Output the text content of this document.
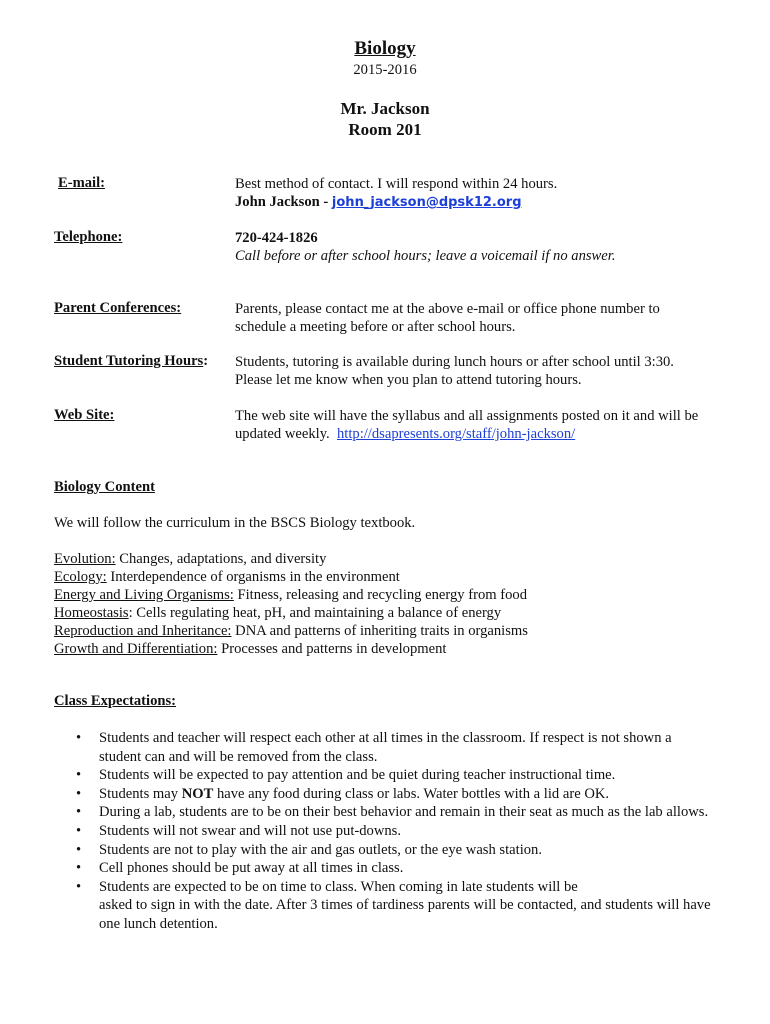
Biology
2015-2016
Mr. Jackson
Room 201
E-mail:	Best method of contact. I will respond within 24 hours.
John Jackson - john_jackson@dpsk12.org
Telephone:	720-424-1826
Call before or after school hours; leave a voicemail if no answer.
Parent Conferences:	Parents, please contact me at the above e-mail or office phone number to schedule a meeting before or after school hours.
Student Tutoring Hours: Students, tutoring is available during lunch hours or after school until 3:30.
Please let me know when you plan to attend tutoring hours.
Web Site:	The web site will have the syllabus and all assignments posted on it and will be
updated weekly.  http://dsapresents.org/staff/john-jackson/
Biology Content
We will follow the curriculum in the BSCS Biology textbook.
Evolution: Changes, adaptations, and diversity
Ecology: Interdependence of organisms in the environment
Energy and Living Organisms: Fitness, releasing and recycling energy from food
Homeostasis: Cells regulating heat, pH, and maintaining a balance of energy
Reproduction and Inheritance: DNA and patterns of inheriting traits in organisms
Growth and Differentiation: Processes and patterns in development
Class Expectations:
• Students and teacher will respect each other at all times in the classroom. If respect is not shown a student can and will be removed from the class.
• Students will be expected to pay attention and be quiet during teacher instructional time.
• Students may NOT have any food during class or labs. Water bottles with a lid are OK.
• During a lab, students are to be on their best behavior and remain in their seat as much as the lab allows.
• Students will not swear and will not use put-downs.
• Students are not to play with the air and gas outlets, or the eye wash station.
• Cell phones should be put away at all times in class.
• Students are expected to be on time to class. When coming in late students will be
asked to sign in with the date. After 3 times of tardiness parents will be contacted, and students will have one lunch detention.
